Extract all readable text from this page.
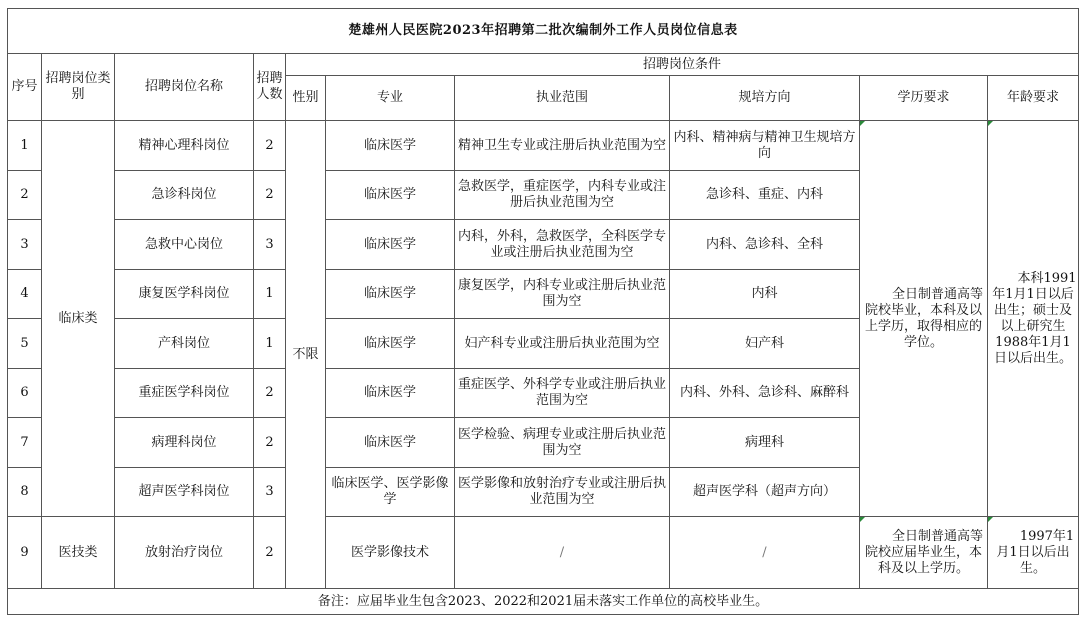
楚雄州人民医院2023年招聘第二批次编制外工作人员岗位信息表									
序号	招聘岗位类别	招聘岗位名称	招聘人数	招聘岗位条件					
				性别	专业	执业范围	规培方向	学历要求	年龄要求
1	临床类	精神心理科岗位	2	不限	临床医学	精神卫生专业或注册后执业范围为空	内科、精神病与精神卫生规培方向	全日制普通高等院校毕业，本科及以上学历，取得相应的学位。	本科1991年1月1日以后出生；硕士及以上研究生1988年1月1日以后出生。
2		急诊科岗位	2		临床医学	急救医学，重症医学，内科专业或注册后执业范围为空	急诊科、重症、内科		
3		急救中心岗位	3		临床医学	内科，外科，急救医学，全科医学专业或注册后执业范围为空	内科、急诊科、全科		
4		康复医学科岗位	1		临床医学	康复医学，内科专业或注册后执业范围为空	内科		
5		产科岗位	1		临床医学	妇产科专业或注册后执业范围为空	妇产科		
6		重症医学科岗位	2		临床医学	重症医学、外科学专业或注册后执业范围为空	内科、外科、急诊科、麻醉科		
7		病理科岗位	2		临床医学	医学检验、病理专业或注册后执业范围为空	病理科		
8		超声医学科岗位	3		临床医学、医学影像学	医学影像和放射治疗专业或注册后执业范围为空	超声医学科（超声方向）		
9	医技类	放射治疗岗位	2		医学影像技术	/	/	全日制普通高等院校应届毕业生，本科及以上学历。	1997年1月1日以后出生。
备注：应届毕业生包含2023、2022和2021届未落实工作单位的高校毕业生。									
